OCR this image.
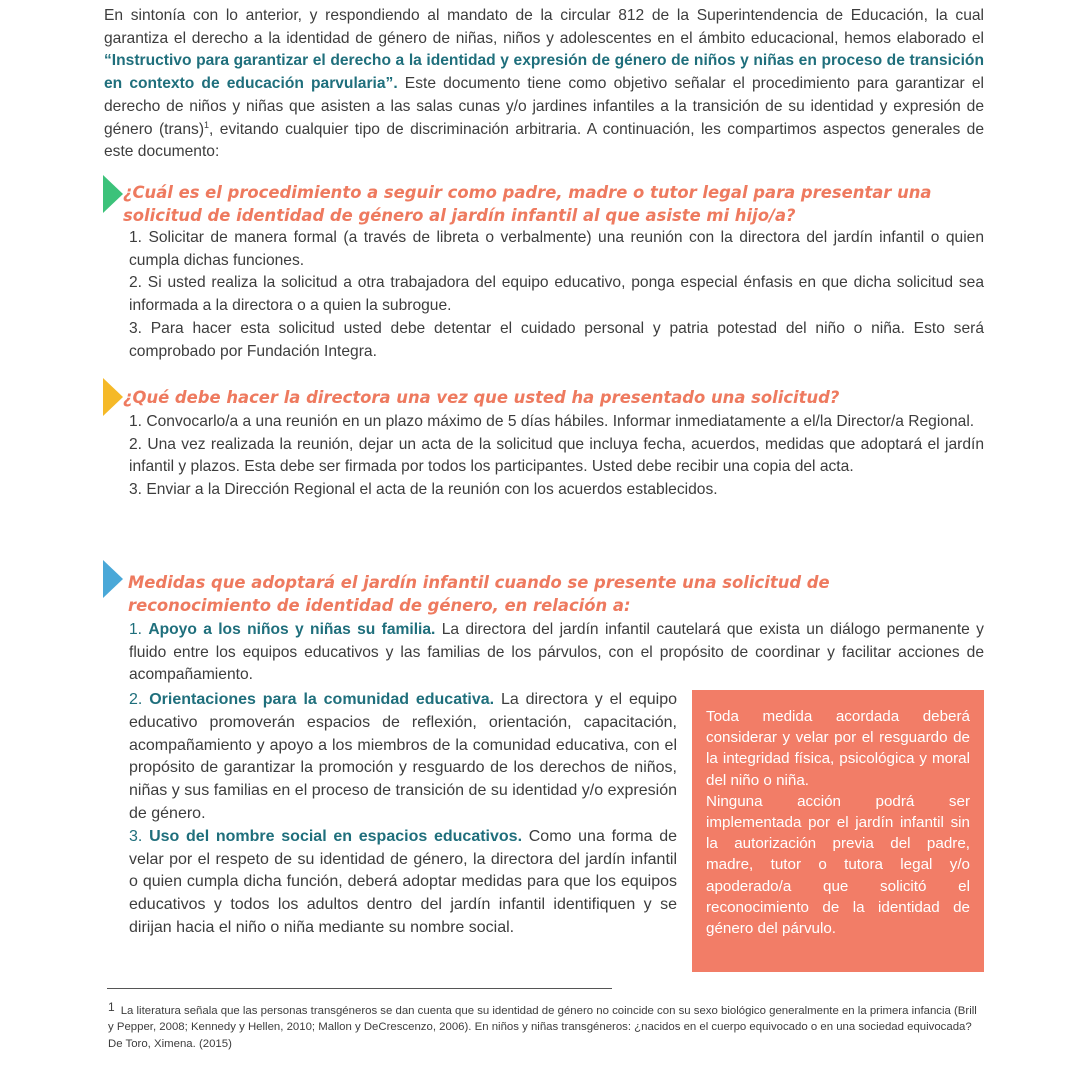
En sintonía con lo anterior, y respondiendo al mandato de la circular 812 de la Superintendencia de Educación, la cual garantiza el derecho a la identidad de género de niñas, niños y adolescentes en el ámbito educacional, hemos elaborado el “Instructivo para garantizar el derecho a la identidad y expresión de género de niños y niñas en proceso de transición en contexto de educación parvularia”. Este documento tiene como objetivo señalar el procedimiento para garantizar el derecho de niños y niñas que asisten a las salas cunas y/o jardines infantiles a la transición de su identidad y expresión de género (trans)$^1$, evitando cualquier tipo de discriminación arbitraria. A continuación, les compartimos aspectos generales de este documento:

¿Cuál es el procedimiento a seguir como padre, madre o tutor legal para presentar una solicitud de identidad de género al jardín infantil al que asiste mi hijo/a?

1. Solicitar de manera formal (a través de libreta o verbalmente) una reunión con la directora del jardín infantil o quien cumpla dichas funciones.

2. Si usted realiza la solicitud a otra trabajadora del equipo educativo, ponga especial énfasis en que dicha solicitud sea informada a la directora o a quien la subrogue.

3. Para hacer esta solicitud usted debe detentar el cuidado personal y patria potestad del niño o niña. Esto será comprobado por Fundación Integra.

¿Qué debe hacer la directora una vez que usted ha presentado una solicitud?

1. Convocarlo/a a una reunión en un plazo máximo de 5 días hábiles. Informar inmediatamente a el/la Director/a Regional.

2. Una vez realizada la reunión, dejar un acta de la solicitud que incluya fecha, acuerdos, medidas que adoptará el jardín infantil y plazos. Esta debe ser firmada por todos los participantes. Usted debe recibir una copia del acta.

3. Enviar a la Dirección Regional el acta de la reunión con los acuerdos establecidos.

Medidas que adoptará el jardín infantil cuando se presente una solicitud de
reconocimiento de identidad de género, en relación a:

1. Apoyo a los niños y niñas su familia. La directora del jardín infantil cautelará que exista un diálogo permanente y fluido entre los equipos educativos y las familias de los párvulos, con el propósito de coordinar y facilitar acciones de acompañamiento.

2. Orientaciones para la comunidad educativa. La directora y el equipo educativo promoverán espacios de reflexión, orientación, capacitación, acompañamiento y apoyo a los miembros de la comunidad educativa, con el propósito de garantizar la promoción y resguardo de los derechos de niños, niñas y sus familias en el proceso de transición de su identidad y/o expresión de género.

3. Uso del nombre social en espacios educativos. Como una forma de velar por el respeto de su identidad de género, la directora del jardín infantil o quien cumpla dicha función, deberá adoptar medidas para que los equipos educativos y todos los adultos dentro del jardín infantil identifiquen y se dirijan hacia el niño o niña mediante su nombre social.

Toda medida acordada deberá considerar y velar por el resguardo de la integridad física, psicológica y moral del niño o niña.

Ninguna acción podrá ser implementada por el jardín infantil sin la autorización previa del padre, madre, tutor o tutora legal y/o apoderado/a que solicitó el reconocimiento de la identidad de género del párvulo.

1 La literatura señala que las personas transgéneros se dan cuenta que su identidad de género no coincide con su sexo biológico generalmente en la primera infancia (Brill y Pepper, 2008; Kennedy y Hellen, 2010; Mallon y DeCrescenzo, 2006). En niños y niñas transgéneros: ¿nacidos en el cuerpo equivocado o en una sociedad equivocada? De Toro, Ximena. (2015)
